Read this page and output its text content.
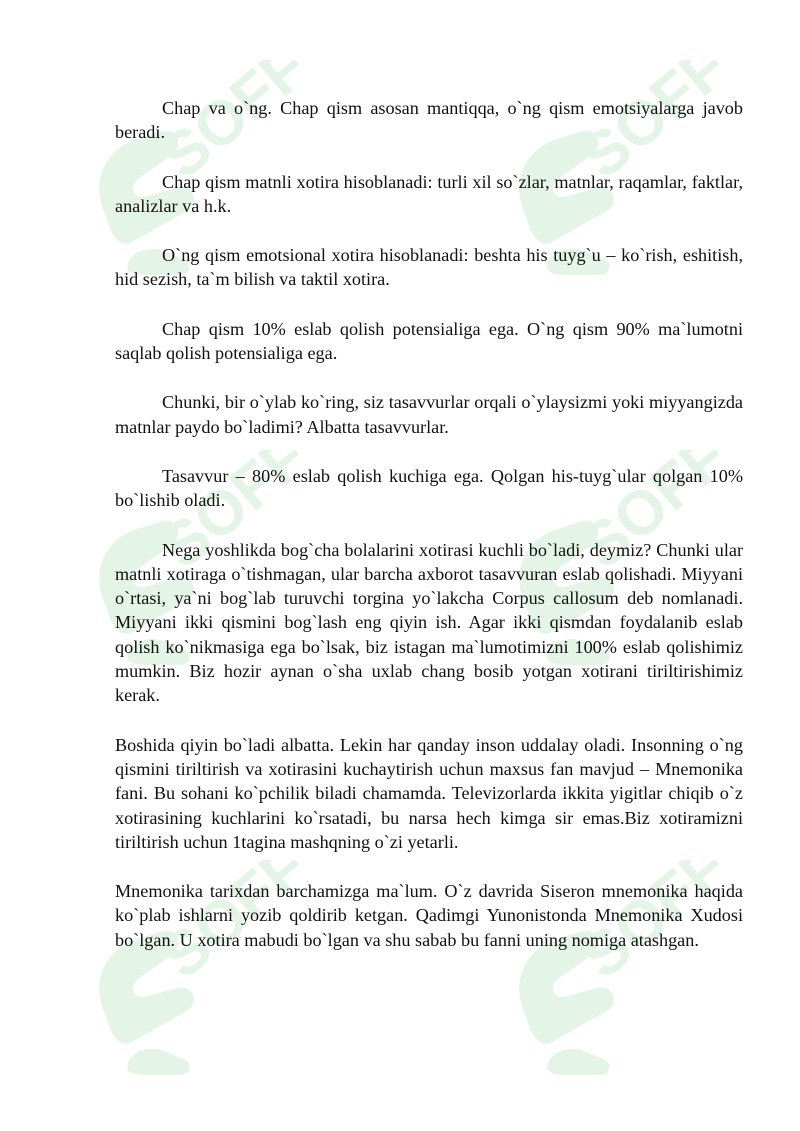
Chap va o`ng. Chap qism asosan mantiqqa, o`ng qism emotsiyalarga javob beradi.

Chap qism matnli xotira hisoblanadi: turli xil so`zlar, matnlar, raqamlar, faktlar, analizlar va h.k.

O`ng qism emotsional xotira hisoblanadi: beshta his tuyg`u – ko`rish, eshitish, hid sezish, ta`m bilish va taktil xotira.

Chap qism 10% eslab qolish potensialiga ega. O`ng qism 90% ma`lumotni saqlab qolish potensialiga ega.

Chunki, bir o`ylab ko`ring, siz tasavvurlar orqali o`ylaysizmi yoki miyyangizda matnlar paydo bo`ladimi? Albatta tasavvurlar.

Tasavvur – 80% eslab qolish kuchiga ega. Qolgan his-tuyg`ular qolgan 10% bo`lishib oladi.

Nega yoshlikda bog`cha bolalarini xotirasi kuchli bo`ladi, deymiz? Chunki ular matnli xotiraga o`tishmagan, ular barcha axborot tasavvuran eslab qolishadi. Miyyani o`rtasi, ya`ni bog`lab turuvchi torgina yo`lakcha Corpus callosum deb nomlanadi. Miyyani ikki qismini bog`lash eng qiyin ish. Agar ikki qismdan foydalanib eslab qolish ko`nikmasiga ega bo`lsak, biz istagan ma`lumotimizni 100% eslab qolishimiz mumkin. Biz hozir aynan o`sha uxlab chang bosib yotgan xotirani tiriltirishimiz kerak.

Boshida qiyin bo`ladi albatta. Lekin har qanday inson uddalay oladi. Insonning o`ng qismini tiriltirish va xotirasini kuchaytirish uchun maxsus fan mavjud – Mnemonika fani. Bu sohani ko`pchilik biladi chamamda. Televizorlarda ikkita yigitlar chiqib o`z xotirasining kuchlarini ko`rsatadi, bu narsa hech kimga sir emas.Biz xotiramizni tiriltirish uchun 1tagina mashqning o`zi yetarli.

Mnemonika tarixdan barchamizga ma`lum. O`z davrida Siseron mnemonika haqida ko`plab ishlarni yozib qoldirib ketgan. Qadimgi Yunonistonda Mnemonika Xudosi bo`lgan. U xotira mabudi bo`lgan va shu sabab bu fanni uning nomiga atashgan.
